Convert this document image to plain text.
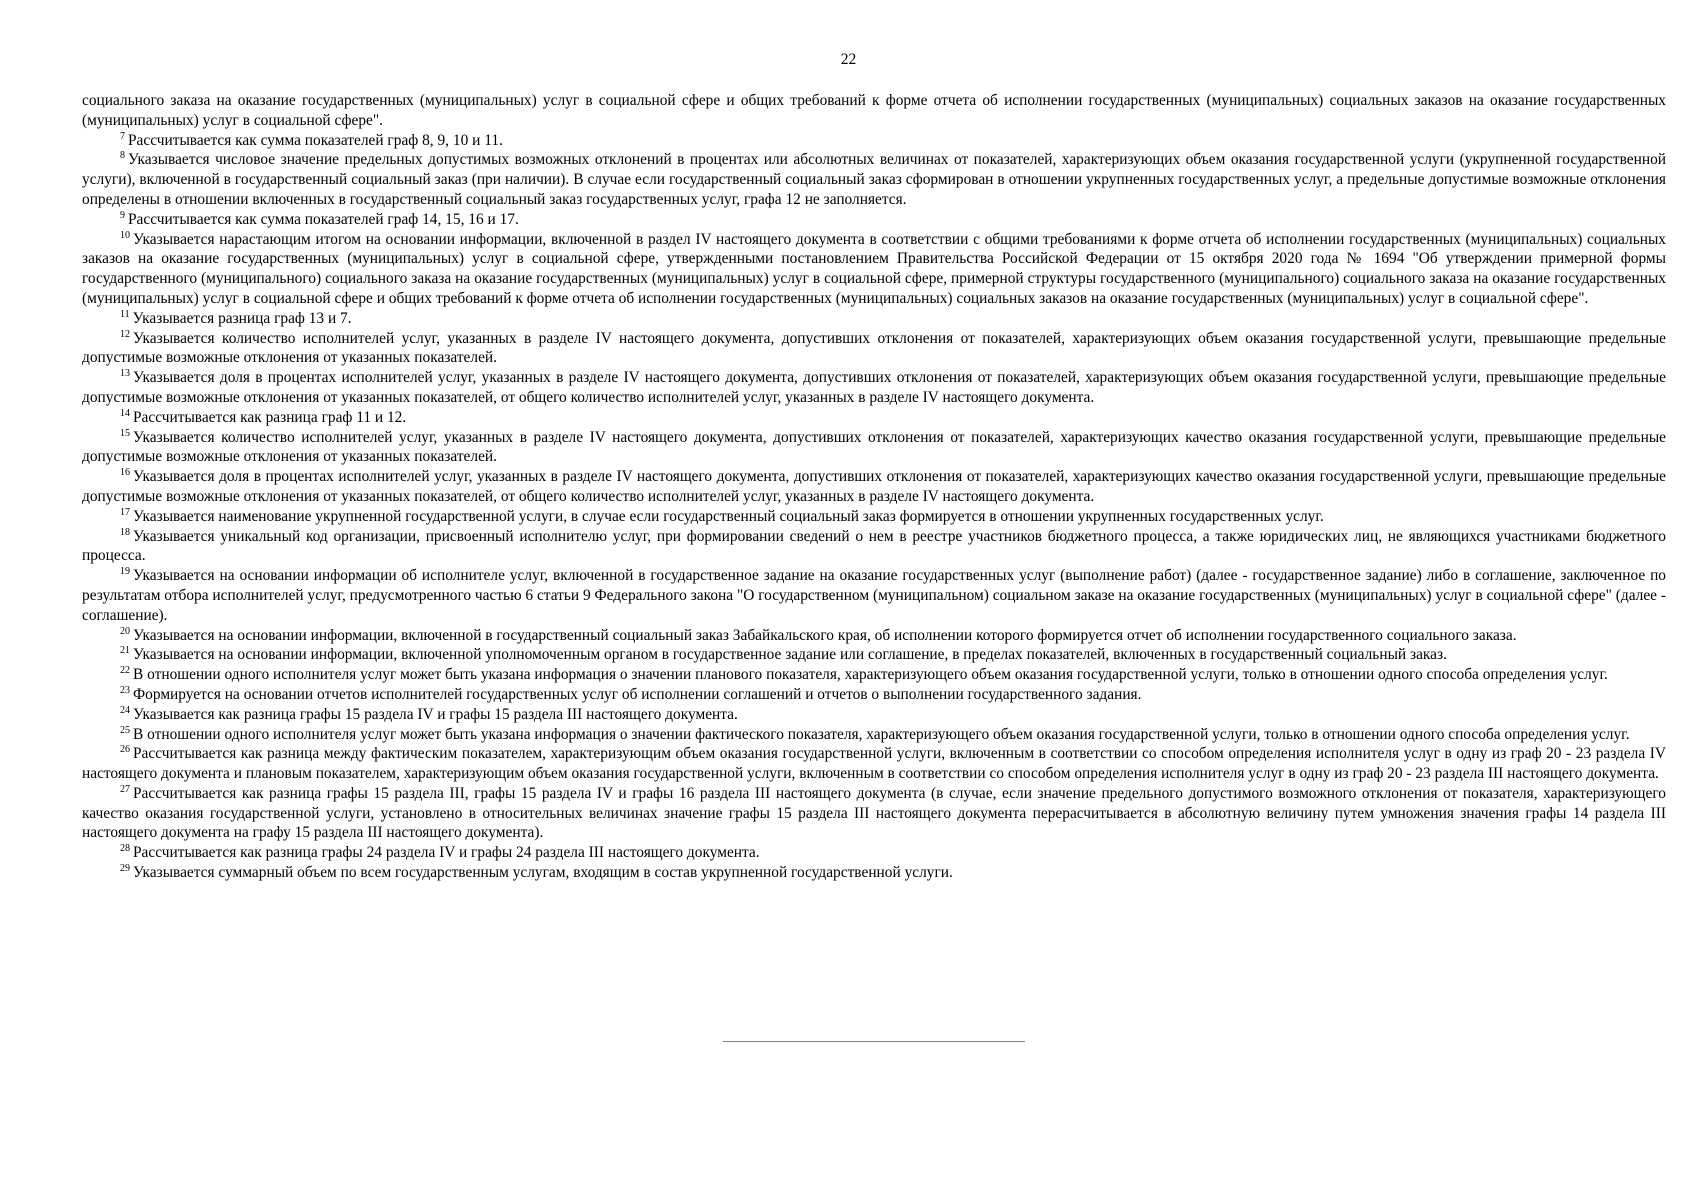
22

социального заказа на оказание государственных (муниципальных) услуг в социальной сфере и общих требований к форме отчета об исполнении государственных (муниципальных) социальных заказов на оказание государственных (муниципальных) услуг в социальной сфере".

$^7$ Рассчитывается как сумма показателей граф 8, 9, 10 и 11.

$^8$ Указывается числовое значение предельных допустимых возможных отклонений в процентах или абсолютных величинах от показателей, характеризующих объем оказания государственной услуги (укрупненной государственной услуги), включенной в государственный социальный заказ (при наличии). В случае если государственный социальный заказ сформирован в отношении укрупненных государственных услуг, а предельные допустимые возможные отклонения определены в отношении включенных в государственный социальный заказ государственных услуг, графа 12 не заполняется.

$^9$ Рассчитывается как сумма показателей граф 14, 15, 16 и 17.

$^{10}$ Указывается нарастающим итогом на основании информации, включенной в раздел IV настоящего документа в соответствии с общими требованиями к форме отчета об исполнении государственных (муниципальных) социальных заказов на оказание государственных (муниципальных) услуг в социальной сфере, утвержденными постановлением Правительства Российской Федерации от 15 октября 2020 года № 1694 "Об утверждении примерной формы государственного (муниципального) социального заказа на оказание государственных (муниципальных) услуг в социальной сфере, примерной структуры государственного (муниципального) социального заказа на оказание государственных (муниципальных) услуг в социальной сфере и общих требований к форме отчета об исполнении государственных (муниципальных) социальных заказов на оказание государственных (муниципальных) услуг в социальной сфере".

$^{11}$ Указывается разница граф 13 и 7.

$^{12}$ Указывается количество исполнителей услуг, указанных в разделе IV настоящего документа, допустивших отклонения от показателей, характеризующих объем оказания государственной услуги, превышающие предельные допустимые возможные отклонения от указанных показателей.

$^{13}$ Указывается доля в процентах исполнителей услуг, указанных в разделе IV настоящего документа, допустивших отклонения от показателей, характеризующих объем оказания государственной услуги, превышающие предельные допустимые возможные отклонения от указанных показателей, от общего количество исполнителей услуг, указанных в разделе IV настоящего документа.

$^{14}$ Рассчитывается как разница граф 11 и 12.

$^{15}$ Указывается количество исполнителей услуг, указанных в разделе IV настоящего документа, допустивших отклонения от показателей, характеризующих качество оказания государственной услуги, превышающие предельные допустимые возможные отклонения от указанных показателей.

$^{16}$ Указывается доля в процентах исполнителей услуг, указанных в разделе IV настоящего документа, допустивших отклонения от показателей, характеризующих качество оказания государственной услуги, превышающие предельные допустимые возможные отклонения от указанных показателей, от общего количество исполнителей услуг, указанных в разделе IV настоящего документа.

$^{17}$ Указывается наименование укрупненной государственной услуги, в случае если государственный социальный заказ формируется в отношении укрупненных государственных услуг.

$^{18}$ Указывается уникальный код организации, присвоенный исполнителю услуг, при формировании сведений о нем в реестре участников бюджетного процесса, а также юридических лиц, не являющихся участниками бюджетного процесса.

$^{19}$ Указывается на основании информации об исполнителе услуг, включенной в государственное задание на оказание государственных услуг (выполнение работ) (далее - государственное задание) либо в соглашение, заключенное по результатам отбора исполнителей услуг, предусмотренного частью 6 статьи 9 Федерального закона "О государственном (муниципальном) социальном заказе на оказание государственных (муниципальных) услуг в социальной сфере" (далее - соглашение).

$^{20}$ Указывается на основании информации, включенной в государственный социальный заказ Забайкальского края, об исполнении которого формируется отчет об исполнении государственного социального заказа.

$^{21}$ Указывается на основании информации, включенной уполномоченным органом в государственное задание или соглашение, в пределах показателей, включенных в государственный социальный заказ.

$^{22}$ В отношении одного исполнителя услуг может быть указана информация о значении планового показателя, характеризующего объем оказания государственной услуги, только в отношении одного способа определения услуг.

$^{23}$ Формируется на основании отчетов исполнителей государственных услуг об исполнении соглашений и отчетов о выполнении государственного задания.

$^{24}$ Указывается как разница графы 15 раздела IV и графы 15 раздела III настоящего документа.

$^{25}$ В отношении одного исполнителя услуг может быть указана информация о значении фактического показателя, характеризующего объем оказания государственной услуги, только в отношении одного способа определения услуг.

$^{26}$ Рассчитывается как разница между фактическим показателем, характеризующим объем оказания государственной услуги, включенным в соответствии со способом определения исполнителя услуг в одну из граф 20 - 23 раздела IV настоящего документа и плановым показателем, характеризующим объем оказания государственной услуги, включенным в соответствии со способом определения исполнителя услуг в одну из граф 20 - 23 раздела III настоящего документа.

$^{27}$ Рассчитывается как разница графы 15 раздела III, графы 15 раздела IV и графы 16 раздела III настоящего документа (в случае, если значение предельного допустимого возможного отклонения от показателя, характеризующего качество оказания государственной услуги, установлено в относительных величинах значение графы 15 раздела III настоящего документа перерасчитывается в абсолютную величину путем умножения значения графы 14 раздела III настоящего документа на графу 15 раздела III настоящего документа).

$^{28}$ Рассчитывается как разница графы 24 раздела IV и графы 24 раздела III настоящего документа.

$^{29}$ Указывается суммарный объем по всем государственным услугам, входящим в состав укрупненной государственной услуги.
